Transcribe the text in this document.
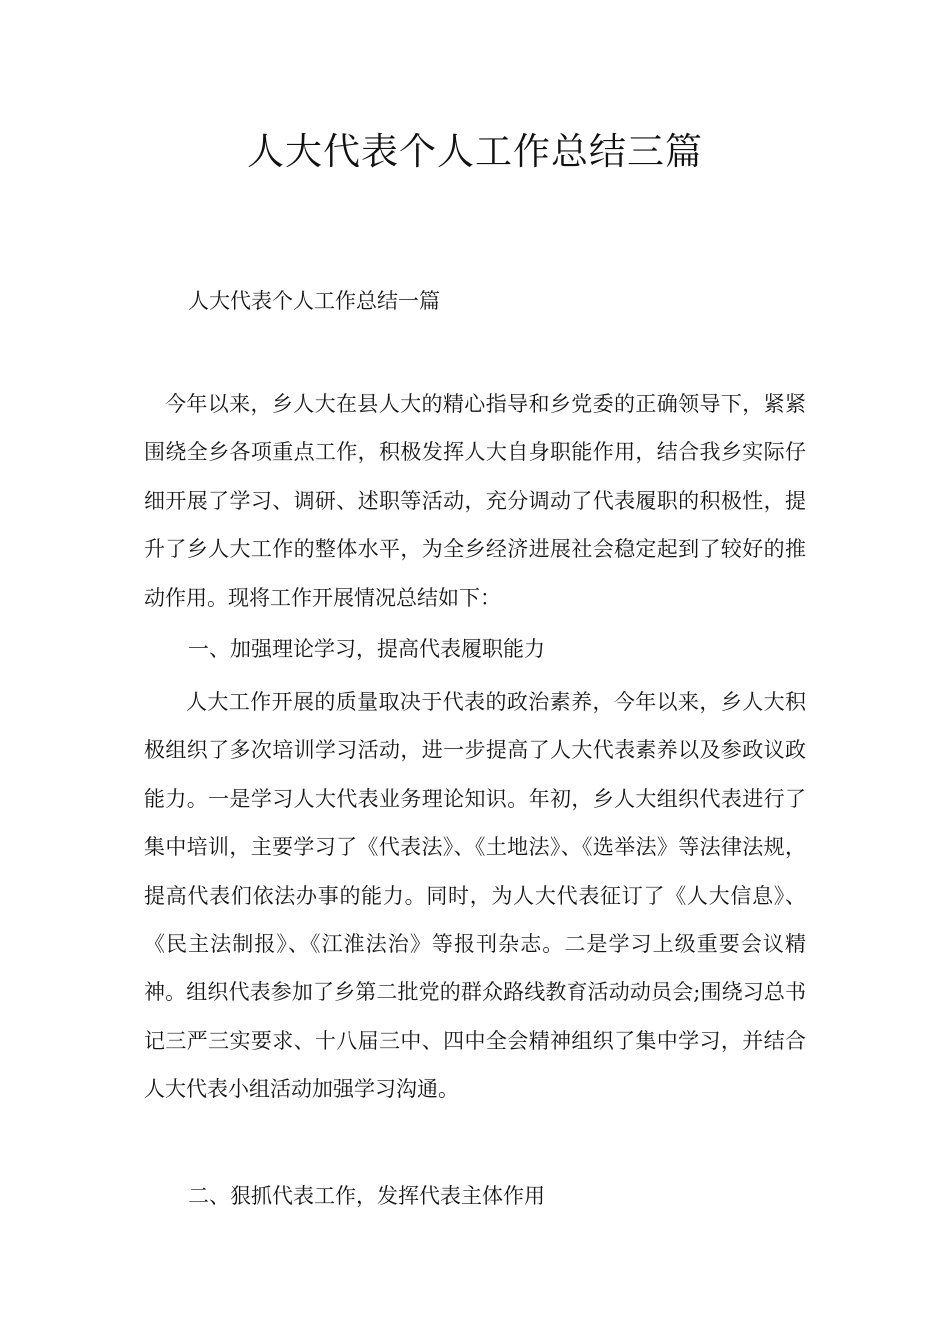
人大代表个人工作总结三篇

人大代表个人工作总结一篇

今年以来，乡人大在县人大的精心指导和乡党委的正确领导下，紧紧围绕全乡各项重点工作，积极发挥人大自身职能作用，结合我乡实际仔细开展了学习、调研、述职等活动，充分调动了代表履职的积极性，提升了乡人大工作的整体水平，为全乡经济进展社会稳定起到了较好的推动作用。现将工作开展情况总结如下：

一、加强理论学习，提高代表履职能力

人大工作开展的质量取决于代表的政治素养，今年以来，乡人大积极组织了多次培训学习活动，进一步提高了人大代表素养以及参政议政能力。一是学习人大代表业务理论知识。年初，乡人大组织代表进行了集中培训，主要学习了《代表法》、《土地法》、《选举法》等法律法规，提高代表们依法办事的能力。同时，为人大代表征订了《人大信息》、《民主法制报》、《江淮法治》等报刊杂志。二是学习上级重要会议精神。组织代表参加了乡第二批党的群众路线教育活动动员会;围绕习总书记三严三实要求、十八届三中、四中全会精神组织了集中学习，并结合人大代表小组活动加强学习沟通。

二、狠抓代表工作，发挥代表主体作用
